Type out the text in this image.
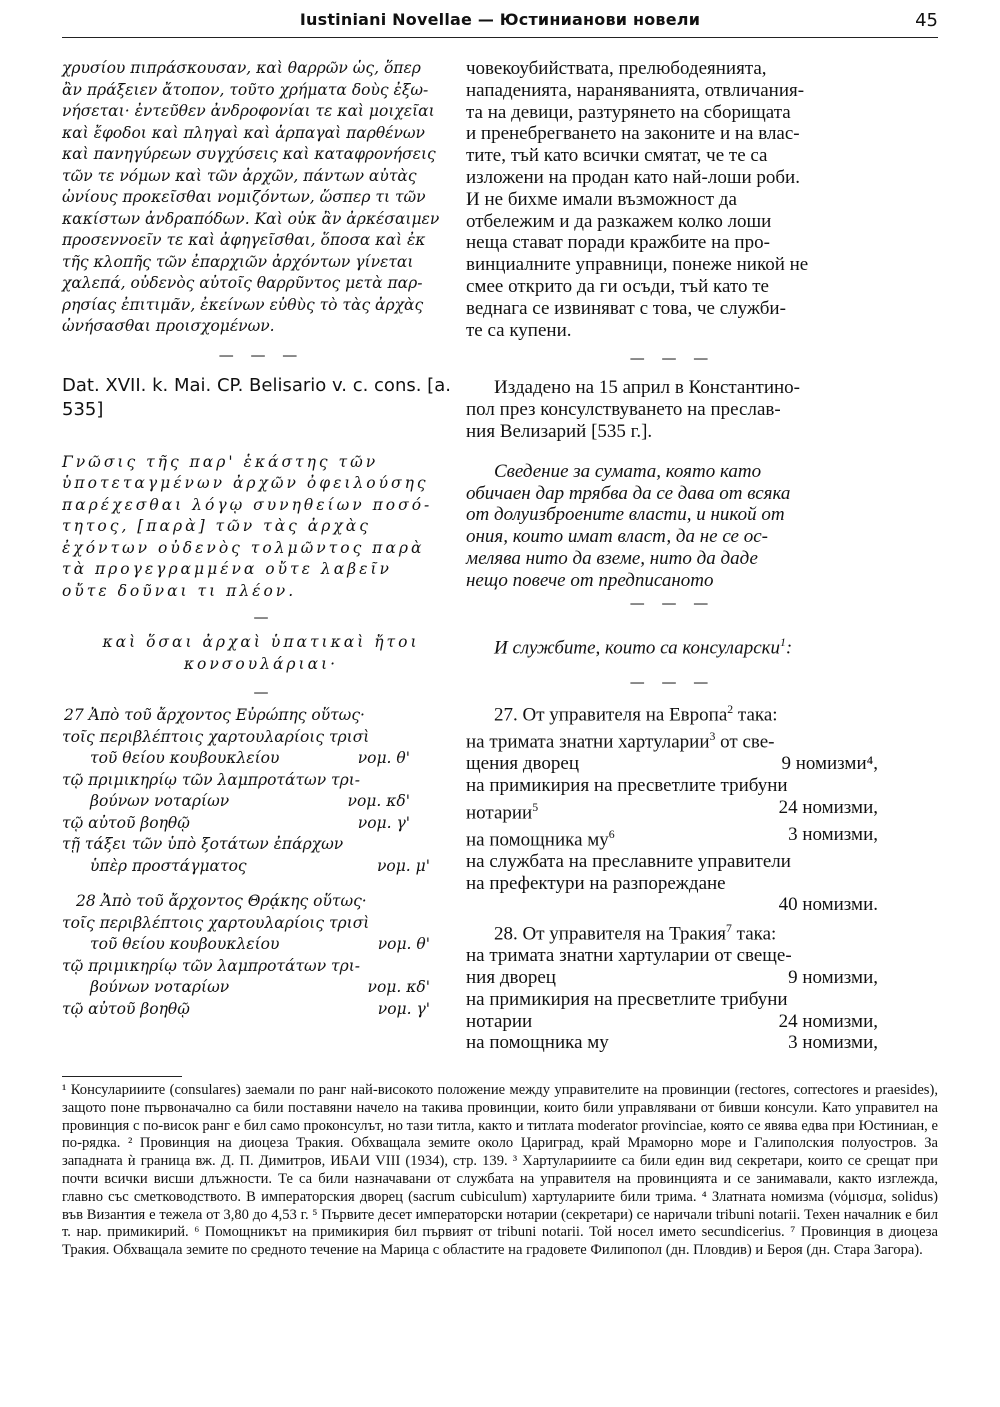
Iustiniani Novellae — Юстинианови новели	45

χρυσίου πιπράσκουσαν, καὶ θαρρῶν ὡς, ὅπερ

ἂν πράξειεν ἄτοπον, τοῦτο χρήματα δοὺς ἐξω-

νήσεται· ἐντεῦθεν ἀνδροφονίαι τε καὶ μοιχεῖαι

καὶ ἔφοδοι καὶ πληγαὶ καὶ ἁρπαγαὶ παρθένων

καὶ πανηγύρεων συγχύσεις καὶ καταφρονήσεις

τῶν τε νόμων καὶ τῶν ἀρχῶν, πάντων αὐτὰς

ὠνίους προκεῖσθαι νομιζόντων, ὥσπερ τι τῶν

κακίστων ἀνδραπόδων. Καὶ οὐκ ἂν ἀρκέσαιμεν

προσεννοεῖν τε καὶ ἀφηγεῖσθαι, ὅποσα καὶ ἐκ

τῆς κλοπῆς τῶν ἐπαρχιῶν ἀρχόντων γίνεται

χαλεπά, οὐδενὸς αὐτοῖς θαρρῦντος μετὰ παρ-

ρησίας ἐπιτιμᾶν, ἐκείνων εὐθὺς τὸ τὰς ἀρχὰς

ὠνήσασθαι προισχομένων.

— — —

Dat. XVII. k. Mai. CP. Belisario v. c. cons. [a. 535]

Γνῶσις τῆς παρ' ἑκάστης τῶν

ὑποτεταγμένων ἀρχῶν ὀφειλούσης

παρέχεσθαι λόγῳ συνηθείων ποσό-

τητος, [παρὰ] τῶν τὰς ἀρχὰς

ἐχόντων οὐδενὸς τολμῶντος παρὰ

τὰ προγεγραμμένα οὔτε λαβεῖν

οὔτε δοῦναι τι πλέον.

—

καὶ ὅσαι ἀρχαὶ ὑπατικαὶ ἤτοι

κονσουλάριαι·

—

27 Ἀπὸ τοῦ ἄρχοντος Εὐρώπης οὕτως·

τοῖς περιβλέπτοις χαρτουλαρίοις τρισὶ
τοῦ θείου κουβουκλείου	νομ. θ'
τῷ πριμικηρίῳ τῶν λαμπροτάτων τρι-
βούνων νοταρίων	νομ. κδ'
τῷ αὐτοῦ βοηθῷ	νομ. γ'
τῇ τάξει τῶν ὑπὸ ξοτάτων ἐπάρχων
ὑπὲρ προστάγματος	νομ. μ'

28 Ἀπὸ τοῦ ἄρχοντος Θρᾴκης οὕτως·

τοῖς περιβλέπτοις χαρτουλαρίοις τρισὶ
τοῦ θείου κουβουκλείου	νομ. θ'
τῷ πριμικηρίῳ τῶν λαμπροτάτων τρι-
βούνων νοταρίων	νομ. κδ'
τῷ αὐτοῦ βοηθῷ	νομ. γ'

човекоубийствата, прелюбодеянията,

нападенията, нараняванията, отвличания-

та на девици, разтурянето на сборищата

и пренебрегването на законите и на влас-

тите, тъй като всички смятат, че те са

изложени на продан като най-лоши роби.

И не бихме имали възможност да

отбележим и да разкажем колко лоши

неща стават поради кражбите на про-

винциалните управници, понеже никой не

смее открито да ги осъди, тъй като те

веднага се извиняват с това, че служби-

те са купени.

— — —

Издадено на 15 април в Константино-

пол през консулствуването на преслав-

ния Велизарий [535 г.].

Сведение за сумата, която като

обичаен дар трябва да се дава от всяка

от долуизброените власти, и никой от

ония, които имат власт, да не се ос-

мелява нито да вземе, нито да даде

нещо повече от предписаното

— — —

И службите, които са консуларски$^1$:

— — —

27. От управителя на Европа$^2$ така:

на тримата знатни хартуларии$^3$ от све-
щения дворец	9 номизми⁴,
на примикирия на пресветлите трибуни
нотарии$^5$	24 номизми,
на помощника $му^6$	3 номизми,
на службата на преславните управители
на префектури на разпореждане
40 номизми.

28. От управителя на Тракия$^7$ така:

на тримата знатни хартуларии от свеще-
ния дворец	9 номизми,
на примикирия на пресветлите трибуни
нотарии	24 номизми,
на помощника му	3 номизми,

¹ Консуларииите (consulares) заемали по ранг най-високото положение между управителите на провинции (rectores, correctores и praesides), защото поне първоначално са били поставяни начело на такива провинции, които били управлявани от бивши консули. Като управител на провинция с по-висок ранг е бил само проконсулът, но тази титла, както и титлата moderator provinciae, която се явява едва при Юстиниан, е по-рядка. ² Провинция на диоцеза Тракия. Обхващала земите около Цариград, край Мраморно море и Галиполския полуостров. За западната ѝ граница вж. Д. П. Димитров, ИБАИ VIII (1934), стр. 139. ³ Хартуларииите са били един вид секретари, които се срещат при почти всички висши длъжности. Те са били назначавани от службата на управителя на провинцията и се занимавали, както изглежда, главно със сметководството. В императорския дворец (sacrum cubiculum) хартулариите били трима. ⁴ Златната номизма (νόμισμα, solidus) във Византия е тежела от 3,80 до 4,53 г. ⁵ Първите десет императорски нотарии (секретари) се наричали tribuni notarii. Техен началник е бил т. нар. примикирий. ⁶ Помощникът на примикирия бил първият от tribuni notarii. Той носел името secundicerius. ⁷ Провинция в диоцеза Тракия. Обхващала земите по средното течение на Марица с областите на градовете Филипопол (дн. Пловдив) и Бероя (дн. Стара Загора).
